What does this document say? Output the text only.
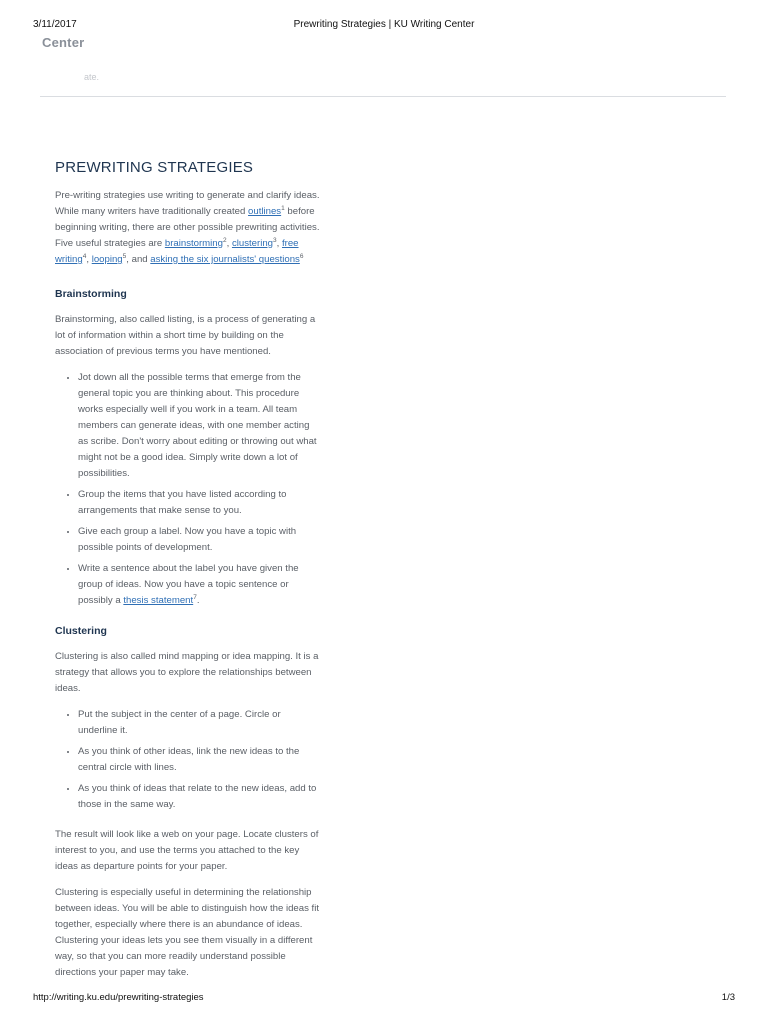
3/11/2017	Prewriting Strategies | KU Writing Center
Center
ate.
PREWRITING STRATEGIES

Pre-writing strategies use writing to generate and clarify ideas. While many writers have traditionally created outlines$^1$ before beginning writing, there are other possible prewriting activities. Five useful strategies are brainstorming$^2$, clustering$^3$, free writing$^4$, looping$^5$, and asking the six journalists' questions$^6$

Brainstorming

Brainstorming, also called listing, is a process of generating a lot of information within a short time by building on the association of previous terms you have mentioned.

• Jot down all the possible terms that emerge from the general topic you are thinking about. This procedure works especially well if you work in a team. All team members can generate ideas, with one member acting as scribe. Don't worry about editing or throwing out what might not be a good idea. Simply write down a lot of possibilities.
• Group the items that you have listed according to arrangements that make sense to you.
• Give each group a label. Now you have a topic with possible points of development.
• Write a sentence about the label you have given the group of ideas. Now you have a topic sentence or possibly a thesis statement$^7$.
Clustering

Clustering is also called mind mapping or idea mapping. It is a strategy that allows you to explore the relationships between ideas.

• Put the subject in the center of a page. Circle or underline it.
• As you think of other ideas, link the new ideas to the central circle with lines.
• As you think of ideas that relate to the new ideas, add to those in the same way.

The result will look like a web on your page. Locate clusters of interest to you, and use the terms you attached to the key ideas as departure points for your paper.

Clustering is especially useful in determining the relationship between ideas. You will be able to distinguish how the ideas fit together, especially where there is an abundance of ideas. Clustering your ideas lets you see them visually in a different way, so that you can more readily understand possible directions your paper may take.

http://writing.ku.edu/prewriting-strategies	1/3
